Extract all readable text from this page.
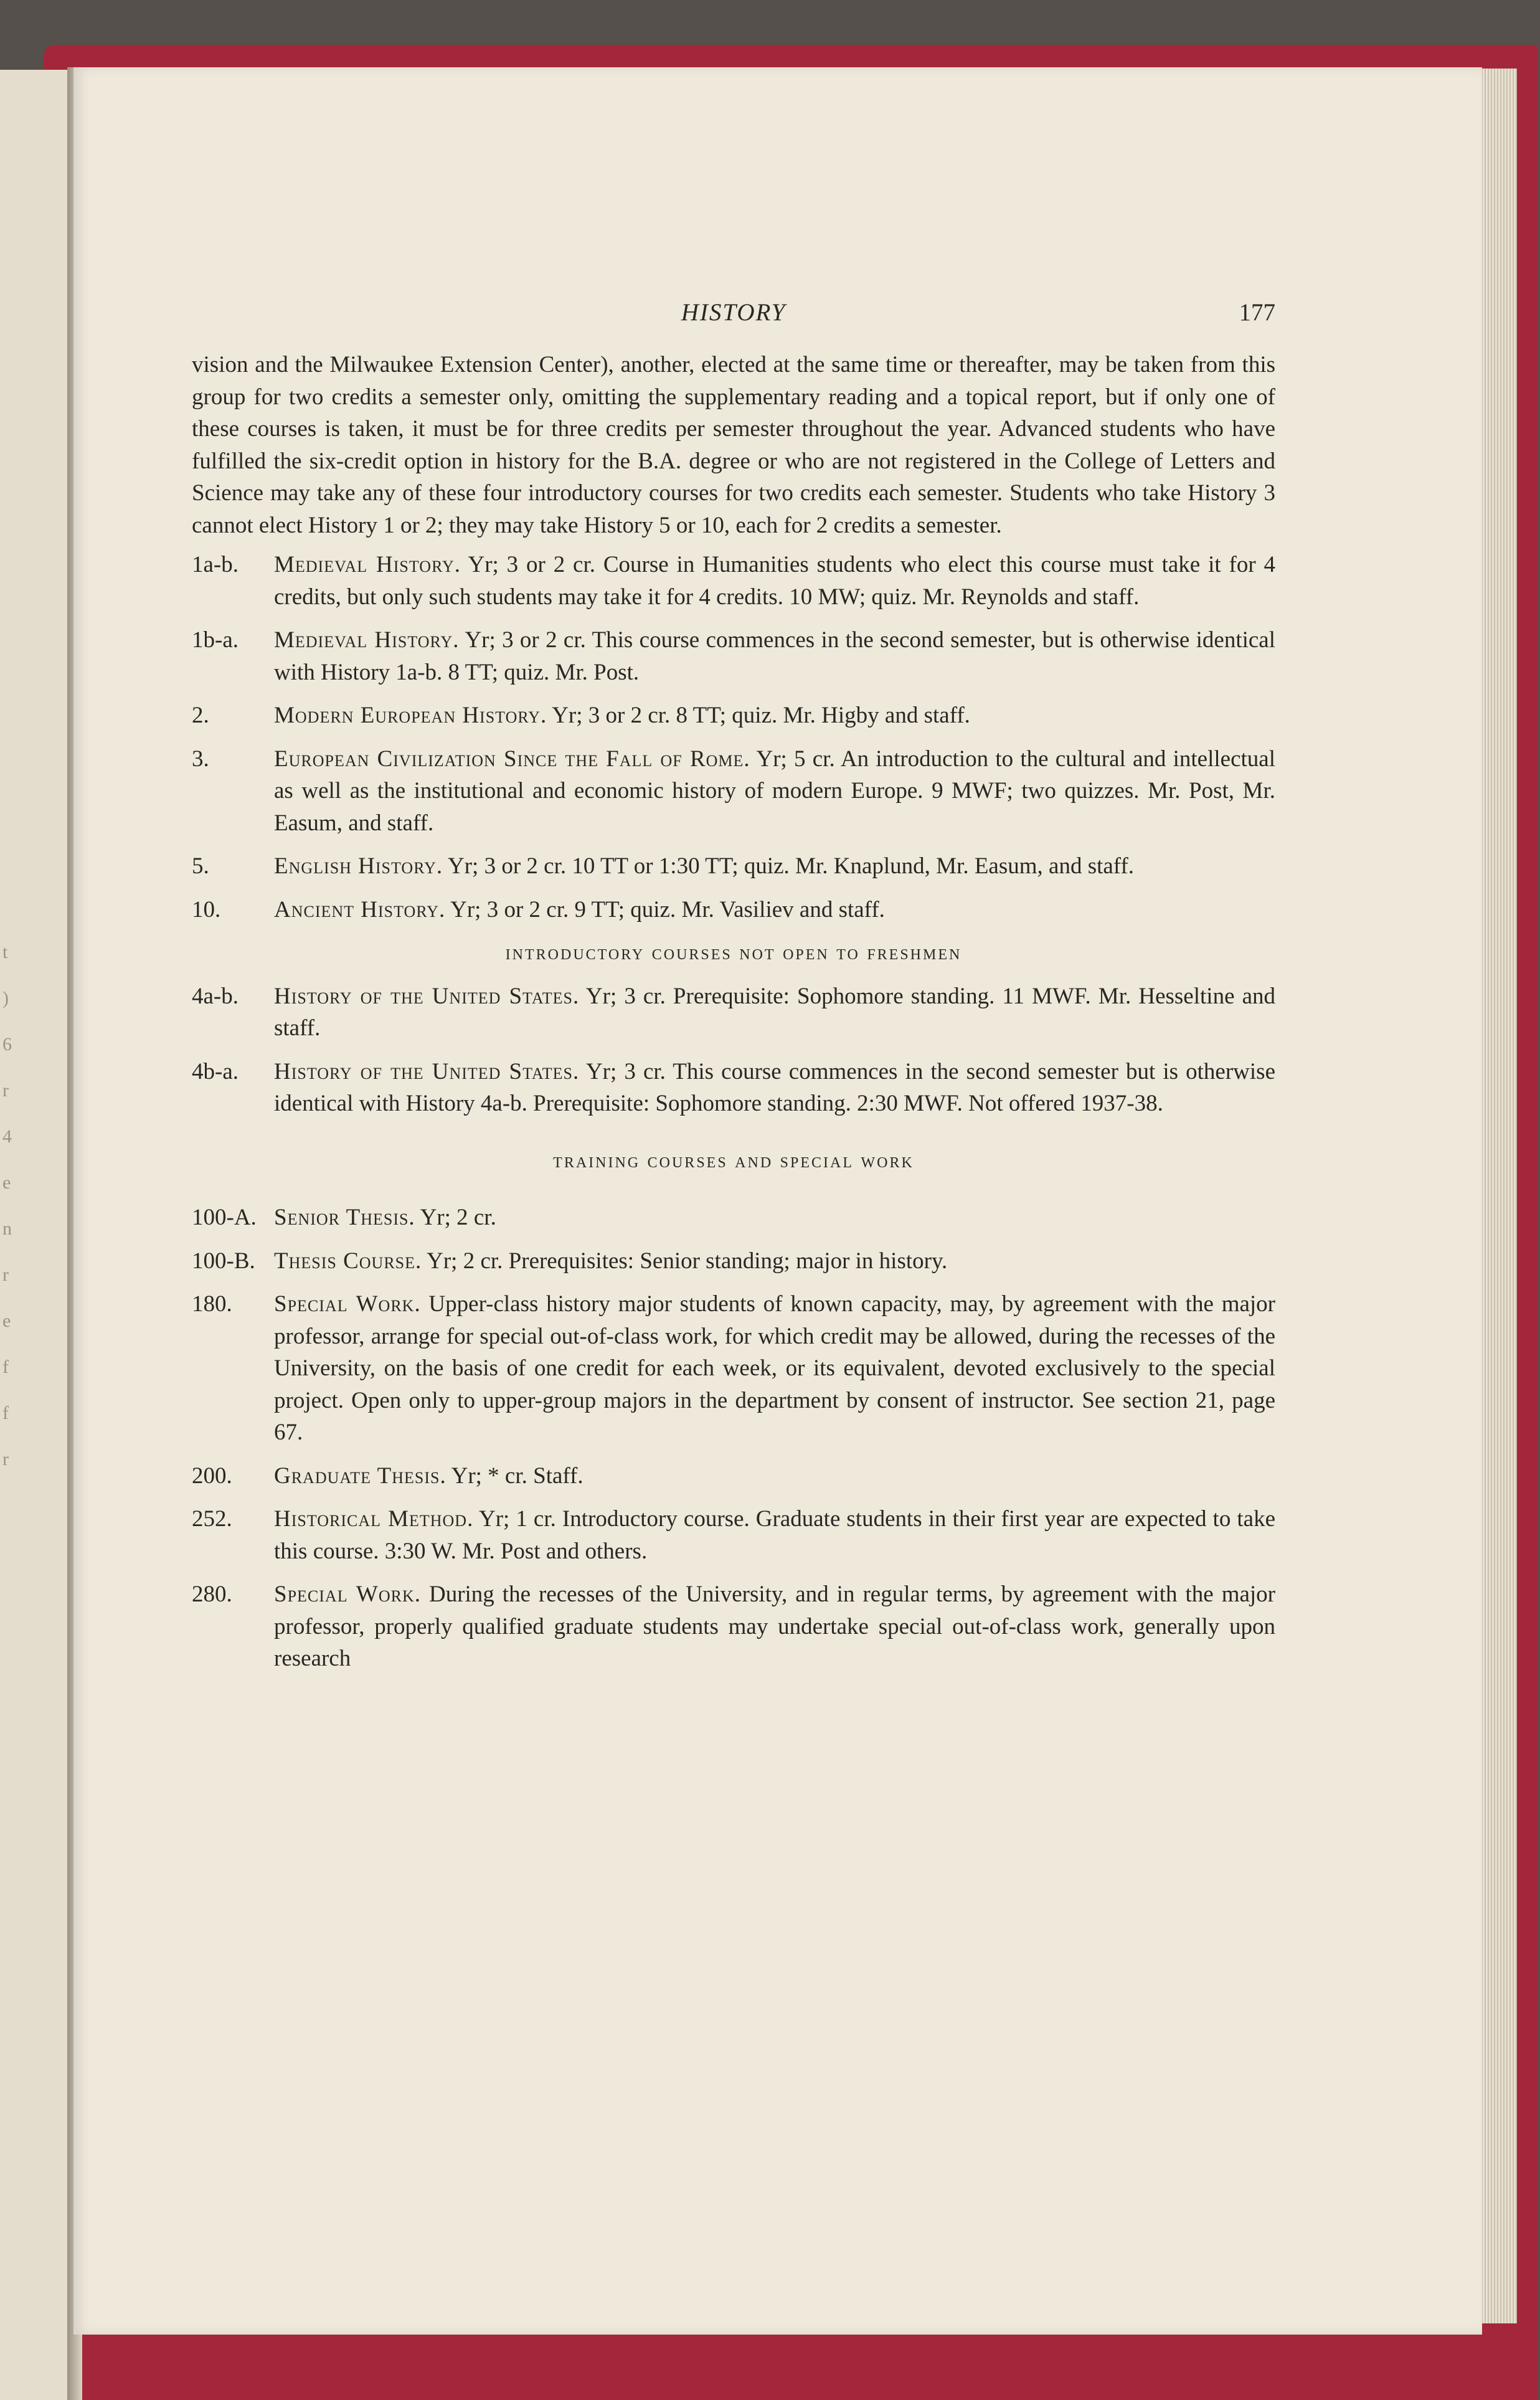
t
)
6
r
4
e
n
r
e
f
f
r
HISTORY	177

vision and the Milwaukee Extension Center), another, elected at the same time or thereafter, may be taken from this group for two credits a semester only, omitting the supplementary reading and a topical report, but if only one of these courses is taken, it must be for three credits per semester throughout the year. Advanced students who have fulfilled the six-credit option in history for the B.A. degree or who are not registered in the College of Letters and Science may take any of these four introductory courses for two credits each semester. Students who take History 3 cannot elect History 1 or 2; they may take History 5 or 10, each for 2 credits a semester.

1a-b.	Medieval History. Yr; 3 or 2 cr. Course in Humanities students who elect this course must take it for 4 credits, but only such students may take it for 4 credits. 10 MW; quiz. Mr. Reynolds and staff.

1b-a.	Medieval History. Yr; 3 or 2 cr. This course commences in the second semester, but is otherwise identical with History 1a-b. 8 TT; quiz. Mr. Post.

2.	Modern European History. Yr; 3 or 2 cr. 8 TT; quiz. Mr. Higby and staff.

3.	European Civilization Since the Fall of Rome. Yr; 5 cr. An introduction to the cultural and intellectual as well as the institutional and economic history of modern Europe. 9 MWF; two quizzes. Mr. Post, Mr. Easum, and staff.

5.	English History. Yr; 3 or 2 cr. 10 TT or 1:30 TT; quiz. Mr. Knaplund, Mr. Easum, and staff.

10.	Ancient History. Yr; 3 or 2 cr. 9 TT; quiz. Mr. Vasiliev and staff.

introductory courses not open to freshmen

4a-b.	History of the United States. Yr; 3 cr. Prerequisite: Sophomore standing. 11 MWF. Mr. Hesseltine and staff.

4b-a.	History of the United States. Yr; 3 cr. This course commences in the second semester but is otherwise identical with History 4a-b. Prerequisite: Sophomore standing. 2:30 MWF. Not offered 1937-38.

training courses and special work

100-A. Senior Thesis. Yr; 2 cr.

100-B. Thesis Course. Yr; 2 cr. Prerequisites: Senior standing; major in history.

180.	Special Work. Upper-class history major students of known capacity, may, by agreement with the major professor, arrange for special out-of-class work, for which credit may be allowed, during the recesses of the University, on the basis of one credit for each week, or its equivalent, devoted exclusively to the special project. Open only to upper-group majors in the department by consent of instructor. See section 21, page 67.

200.	Graduate Thesis. Yr; * cr. Staff.

252.	Historical Method. Yr; 1 cr. Introductory course. Graduate students in their first year are expected to take this course. 3:30 W. Mr. Post and others.

280.	Special Work. During the recesses of the University, and in regular terms, by agreement with the major professor, properly qualified graduate students may undertake special out-of-class work, generally upon research
